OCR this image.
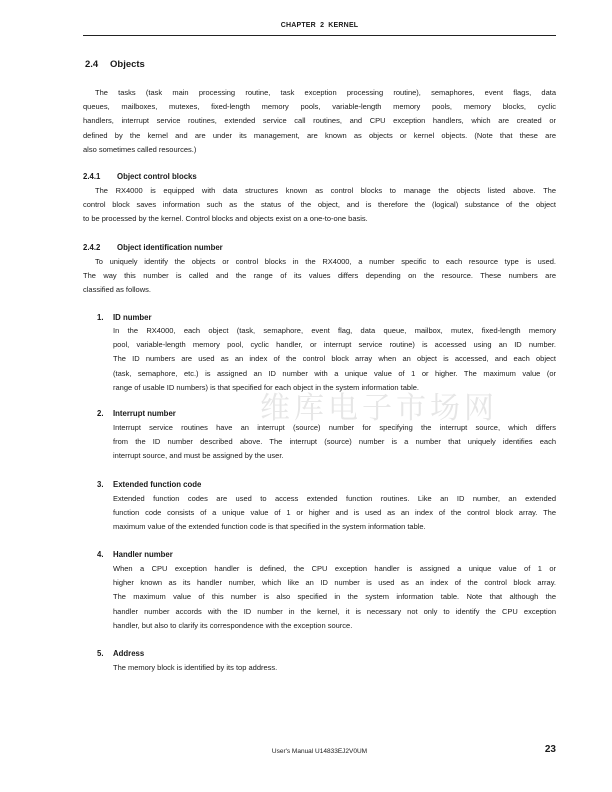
CHAPTER 2 KERNEL
维库电子市场网
2.4 Objects
The tasks (task main processing routine, task exception processing routine), semaphores, event flags, data
queues, mailboxes, mutexes, fixed-length memory pools, variable-length memory pools, memory blocks, cyclic
handlers, interrupt service routines, extended service call routines, and CPU exception handlers, which are created or
defined by the kernel and are under its management, are known as objects or kernel objects. (Note that these are
also sometimes called resources.)
2.4.1 Object control blocks
The RX4000 is equipped with data structures known as control blocks to manage the objects listed above. The
control block saves information such as the status of the object, and is therefore the (logical) substance of the object
to be processed by the kernel. Control blocks and objects exist on a one-to-one basis.
2.4.2 Object identification number
To uniquely identify the objects or control blocks in the RX4000, a number specific to each resource type is used.
The way this number is called and the range of its values differs depending on the resource. These numbers are
classified as follows.
1. ID number
In the RX4000, each object (task, semaphore, event flag, data queue, mailbox, mutex, fixed-length memory
pool, variable-length memory pool, cyclic handler, or interrupt service routine) is accessed using an ID number.
The ID numbers are used as an index of the control block array when an object is accessed, and each object
(task, semaphore, etc.) is assigned an ID number with a unique value of 1 or higher. The maximum value (or
range of usable ID numbers) is that specified for each object in the system information table.
2. Interrupt number
Interrupt service routines have an interrupt (source) number for specifying the interrupt source, which differs
from the ID number described above. The interrupt (source) number is a number that uniquely identifies each
interrupt source, and must be assigned by the user.
3. Extended function code
Extended function codes are used to access extended function routines. Like an ID number, an extended
function code consists of a unique value of 1 or higher and is used as an index of the control block array. The
maximum value of the extended function code is that specified in the system information table.
4. Handler number
When a CPU exception handler is defined, the CPU exception handler is assigned a unique value of 1 or
higher known as its handler number, which like an ID number is used as an index of the control block array.
The maximum value of this number is also specified in the system information table. Note that although the
handler number accords with the ID number in the kernel, it is necessary not only to identify the CPU exception
handler, but also to clarify its correspondence with the exception source.
5. Address
The memory block is identified by its top address.
User's Manual U14833EJ2V0UM	23
